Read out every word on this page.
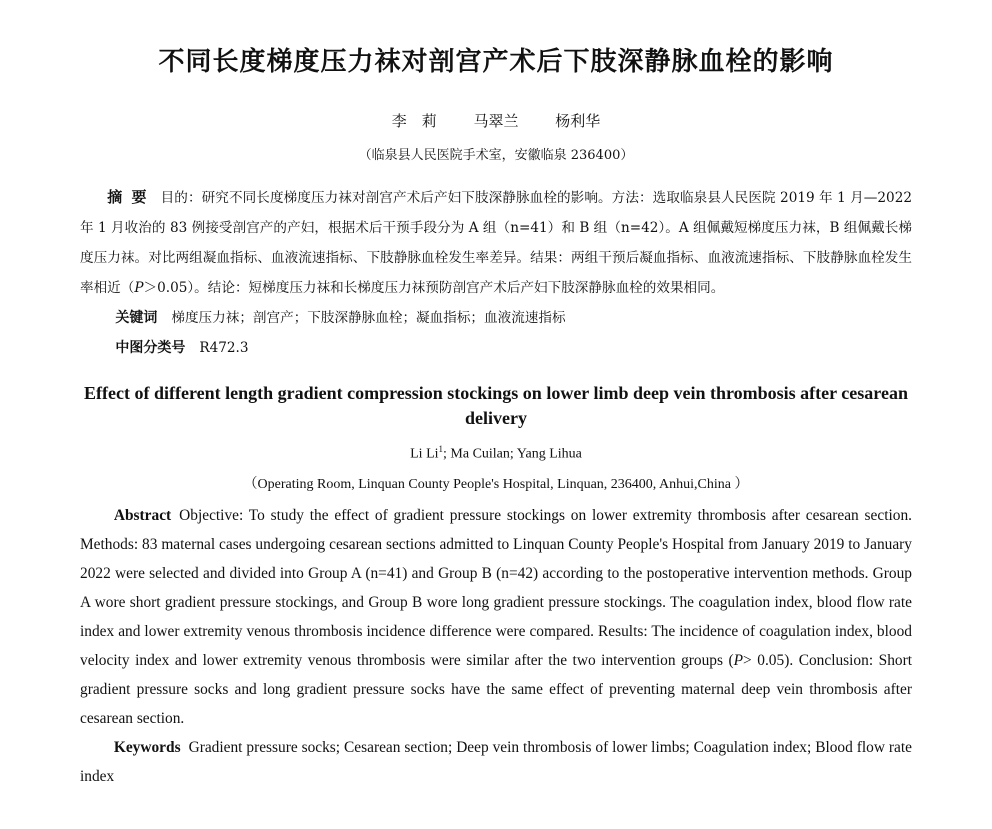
不同长度梯度压力袜对剖宫产术后下肢深静脉血栓的影响
李　莉 马翠兰 杨利华
（临泉县人民医院手术室，安徽临泉 236400）
摘 要 目的：研究不同长度梯度压力袜对剖宫产术后产妇下肢深静脉血栓的影响。方法：选取临泉县人民医院 2019 年 1 月—2022 年 1 月收治的 83 例接受剖宫产的产妇，根据术后干预手段分为 A 组（n=41）和 B 组（n=42）。A 组佩戴短梯度压力袜，B 组佩戴长梯度压力袜。对比两组凝血指标、血液流速指标、下肢静脉血栓发生率差异。结果：两组干预后凝血指标、血液流速指标、下肢静脉血栓发生率相近（P＞0.05）。结论：短梯度压力袜和长梯度压力袜预防剖宫产术后产妇下肢深静脉血栓的效果相同。
关键词 梯度压力袜；剖宫产；下肢深静脉血栓；凝血指标；血液流速指标
中图分类号 R472.3
Effect of different length gradient compression stockings on lower limb deep vein thrombosis after cesarean delivery
Li Li$^1$; Ma Cuilan; Yang Lihua
（Operating Room, Linquan County People's Hospital, Linquan, 236400, Anhui,China ）
Abstract Objective: To study the effect of gradient pressure stockings on lower extremity thrombosis after cesarean section. Methods: 83 maternal cases undergoing cesarean sections admitted to Linquan County People's Hospital from January 2019 to January 2022 were selected and divided into Group A (n=41) and Group B (n=42) according to the postoperative intervention methods. Group A wore short gradient pressure stockings, and Group B wore long gradient pressure stockings. The coagulation index, blood flow rate index and lower extremity venous thrombosis incidence difference were compared. Results: The incidence of coagulation index, blood velocity index and lower extremity venous thrombosis were similar after the two intervention groups (P> 0.05). Conclusion: Short gradient pressure socks and long gradient pressure socks have the same effect of preventing maternal deep vein thrombosis after cesarean section.
Keywords Gradient pressure socks; Cesarean section; Deep vein thrombosis of lower limbs; Coagulation index; Blood flow rate index
